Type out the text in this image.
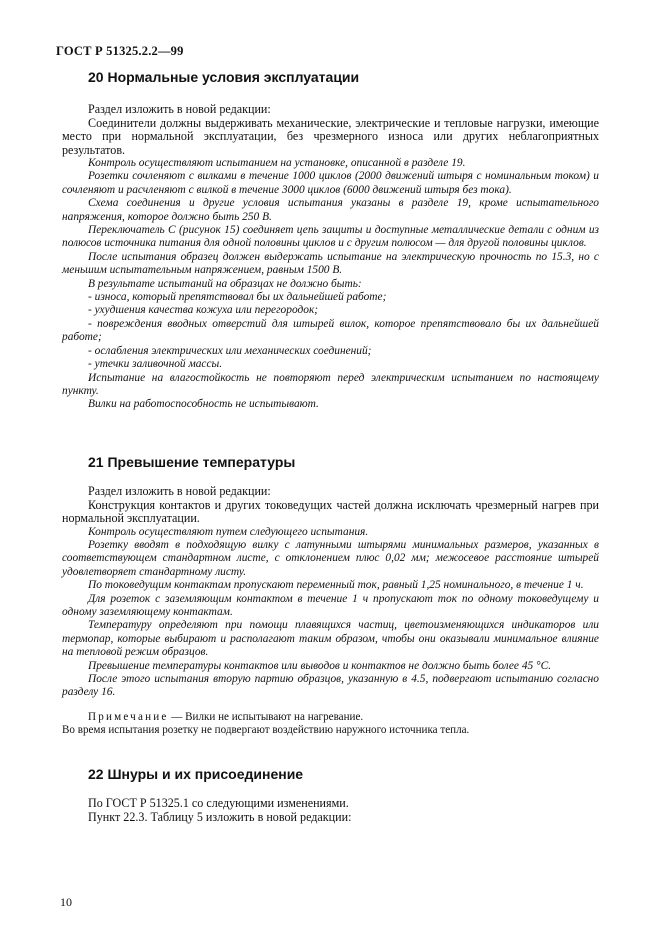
ГОСТ Р 51325.2.2—99
20 Нормальные условия эксплуатации

Раздел изложить в новой редакции:

Соединители должны выдерживать механические, электрические и тепловые нагрузки, имеющие место при нормальной эксплуатации, без чрезмерного износа или других неблагоприятных результатов.

Контроль осуществляют испытанием на установке, описанной в разделе 19.

Розетки сочленяют с вилками в течение 1000 циклов (2000 движений штыря с номинальным током) и сочленяют и расчленяют с вилкой в течение 3000 циклов (6000 движений штыря без тока).

Схема соединения и другие условия испытания указаны в разделе 19, кроме испытательного напряжения, которое должно быть 250 В.

Переключатель С (рисунок 15) соединяет цепь защиты и доступные металлические детали с одним из полюсов источника питания для одной половины циклов и с другим полюсом — для другой половины циклов.

После испытания образец должен выдержать испытание на электрическую прочность по 15.3, но с меньшим испытательным напряжением, равным 1500 В.

В результате испытаний на образцах не должно быть:

- износа, который препятствовал бы их дальнейшей работе;

- ухудшения качества кожуха или перегородок;

- повреждения вводных отверстий для штырей вилок, которое препятствовало бы их дальнейшей работе;

- ослабления электрических или механических соединений;

- утечки заливочной массы.

Испытание на влагостойкость не повторяют перед электрическим испытанием по настоящему пункту.

Вилки на работоспособность не испытывают.

21 Превышение температуры

Раздел изложить в новой редакции:

Конструкция контактов и других токоведущих частей должна исключать чрезмерный нагрев при нормальной эксплуатации.

Контроль осуществляют путем следующего испытания.

Розетку вводят в подходящую вилку с латунными штырями минимальных размеров, указанных в соответствующем стандартном листе, с отклонением плюс 0,02 мм; межосевое расстояние штырей удовлетворяет стандартному листу.

По токоведущим контактам пропускают переменный ток, равный 1,25 номинального, в течение 1 ч.

Для розеток с заземляющим контактом в течение 1 ч пропускают ток по одному токоведущему и одному заземляющему контактам.

Температуру определяют при помощи плавящихся частиц, цветоизменяющихся индикаторов или термопар, которые выбирают и располагают таким образом, чтобы они оказывали минимальное влияние на тепловой режим образцов.

Превышение температуры контактов или выводов и контактов не должно быть более 45 °С.

После этого испытания вторую партию образцов, указанную в 4.5, подвергают испытанию согласно разделу 16.

Примечание — Вилки не испытывают на нагревание.

Во время испытания розетку не подвергают воздействию наружного источника тепла.

22 Шнуры и их присоединение

По ГОСТ Р 51325.1 со следующими изменениями.

Пункт 22.3. Таблицу 5 изложить в новой редакции:

10
